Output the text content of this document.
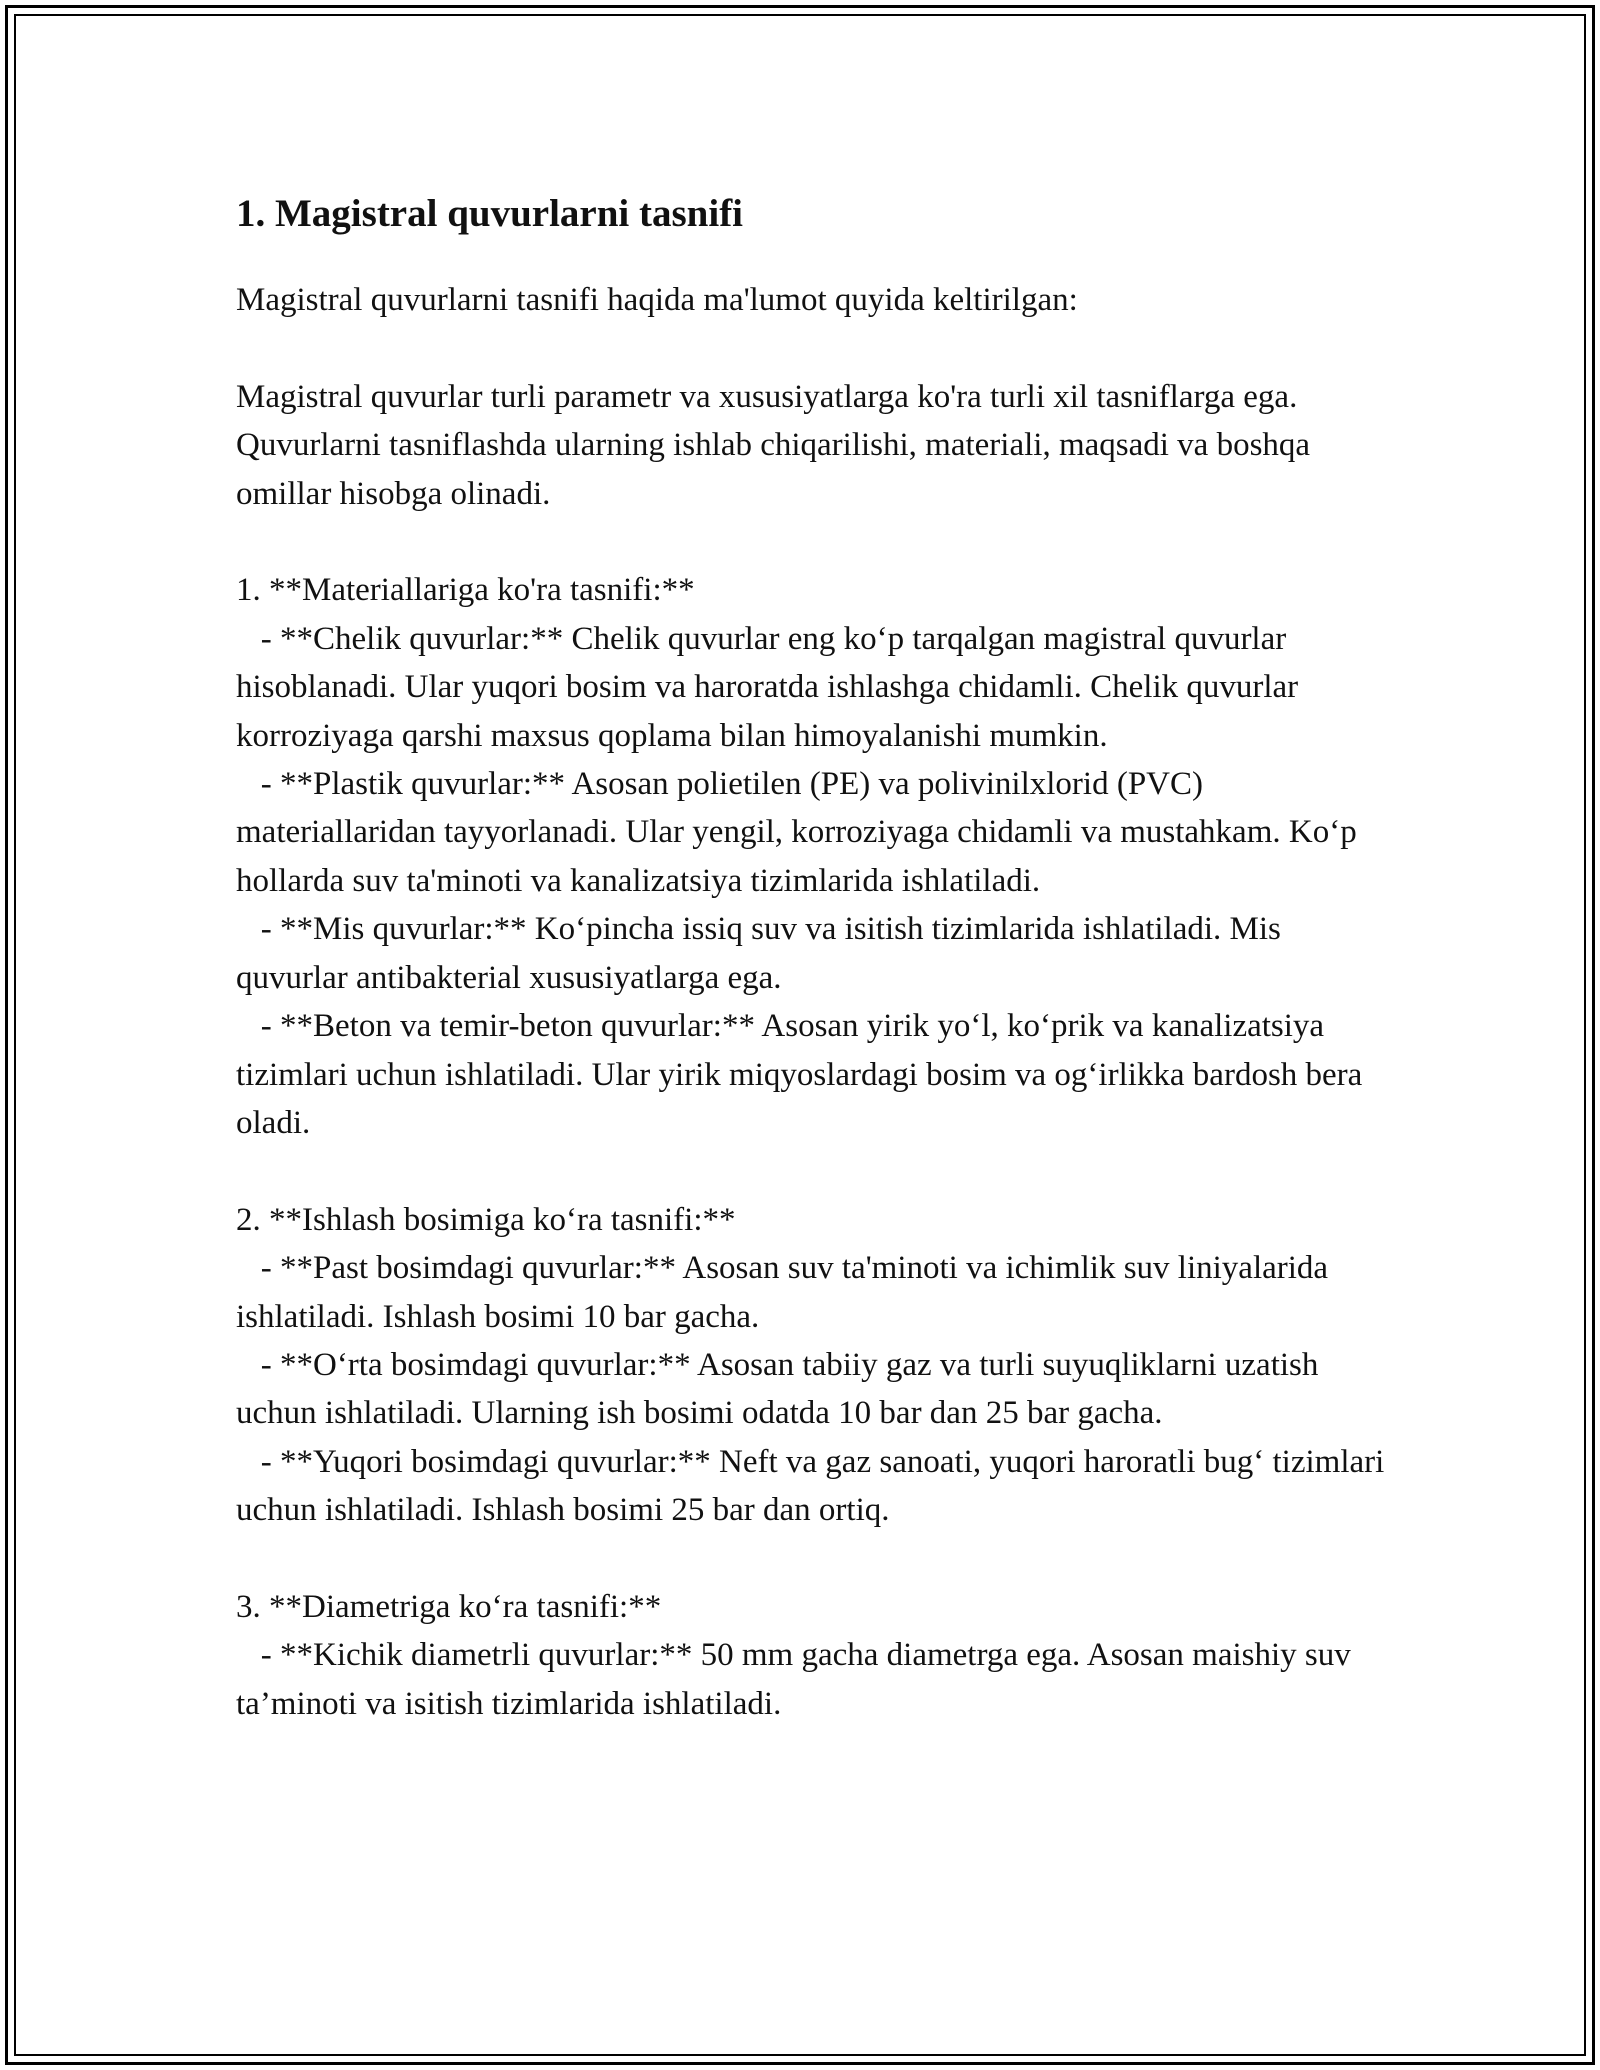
1. Magistral quvurlarni tasnifi

Magistral quvurlarni tasnifi haqida ma'lumot quyida keltirilgan:

Magistral quvurlar turli parametr va xususiyatlarga ko'ra turli xil tasniflarga ega. Quvurlarni tasniflashda ularning ishlab chiqarilishi, materiali, maqsadi va boshqa omillar hisobga olinadi.

1. **Materiallariga ko'ra tasnifi:**
- **Chelik quvurlar:** Chelik quvurlar eng ko‘p tarqalgan magistral quvurlar hisoblanadi. Ular yuqori bosim va haroratda ishlashga chidamli. Chelik quvurlar korroziyaga qarshi maxsus qoplama bilan himoyalanishi mumkin.
- **Plastik quvurlar:** Asosan polietilen (PE) va polivinilxlorid (PVC) materiallaridan tayyorlanadi. Ular yengil, korroziyaga chidamli va mustahkam. Ko‘p hollarda suv ta'minoti va kanalizatsiya tizimlarida ishlatiladi.
- **Mis quvurlar:** Ko‘pincha issiq suv va isitish tizimlarida ishlatiladi. Mis quvurlar antibakterial xususiyatlarga ega.
- **Beton va temir-beton quvurlar:** Asosan yirik yo‘l, ko‘prik va kanalizatsiya tizimlari uchun ishlatiladi. Ular yirik miqyoslardagi bosim va og‘irlikka bardosh bera oladi.

2. **Ishlash bosimiga ko‘ra tasnifi:**
- **Past bosimdagi quvurlar:** Asosan suv ta'minoti va ichimlik suv liniyalarida ishlatiladi. Ishlash bosimi 10 bar gacha.
- **O‘rta bosimdagi quvurlar:** Asosan tabiiy gaz va turli suyuqliklarni uzatish uchun ishlatiladi. Ularning ish bosimi odatda 10 bar dan 25 bar gacha.
- **Yuqori bosimdagi quvurlar:** Neft va gaz sanoati, yuqori haroratli bug‘ tizimlari uchun ishlatiladi. Ishlash bosimi 25 bar dan ortiq.

3. **Diametriga ko‘ra tasnifi:**
- **Kichik diametrli quvurlar:** 50 mm gacha diametrga ega. Asosan maishiy suv ta’minoti va isitish tizimlarida ishlatiladi.
